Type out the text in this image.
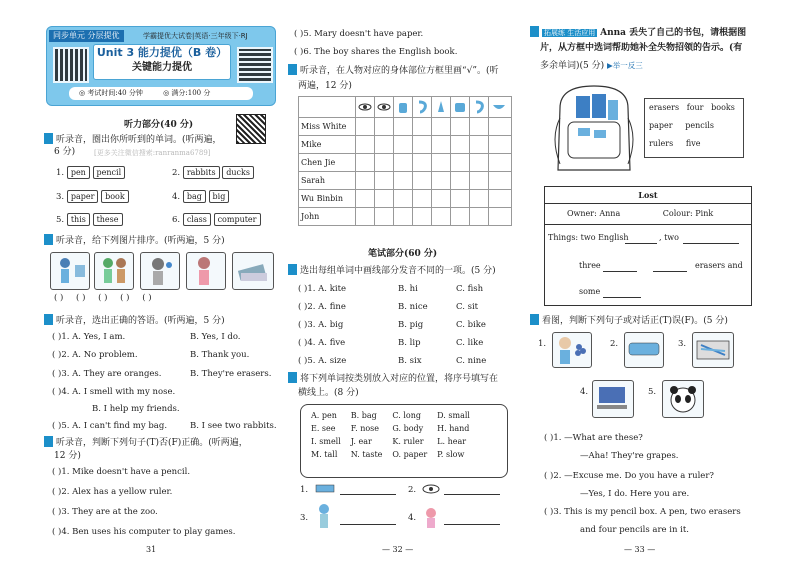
同步单元 分层提优	学霸提优大试卷|英语·三年级下·RJ
Unit 3 能力提优（B 卷）
关键能力提优
◎ 考试时间:40 分钟	◎ 满分:100 分
听力部分(40 分)
听录音，圈出你所听到的单词。(听两遍，
6 分)	[更多关注微信搜索:ranranma6789]
1. pen pencil	2. rabbits ducks
3. paper book	4. bag big
5. this these	6. class computer
听录音，给下列图片排序。(听两遍，5 分)
( ) ( ) ( ) ( ) ( )
听录音，选出正确的答语。(听两遍，5 分)
( )1. A. Yes, I am.	B. Yes, I do.
( )2. A. No problem.	B. Thank you.
( )3. A. They are oranges.	B. They're erasers.
( )4. A. I smell with my nose.
B. I help my friends.
( )5. A. I can't find my bag.	B. I see two rabbits.
听录音，判断下列句子(T)否(F)正确。(听两遍，
12 分)
( )1. Mike doesn't have a pencil.
( )2. Alex has a yellow ruler.
( )3. They are at the zoo.
( )4. Ben uses his computer to play games.
31
( )5. Mary doesn't have paper.
( )6. The boy shares the English book.
听录音，在人物对应的身体部位方框里画“√”。(听
两遍，12 分)

Miss White								
Mike								
Chen Jie								
Sarah								
Wu Binbin								
John								
笔试部分(60 分)
选出每组单词中画线部分发音不同的一项。(5 分)
( )1. A. kite	B. hi	C. fish
( )2. A. fine	B. nice	C. sit
( )3. A. big	B. pig	C. bike
( )4. A. five	B. lip	C. like
( )5. A. size	B. six	C. nine
将下列单词按类别放入对应的位置，将序号填写在
横线上。(8 分)
A. pen	B. bag	C. long	D. small
E. see	F. nose	G. body	H. hand
I. smell	J. ear	K. ruler	L. hear
M. tall	N. taste	O. paper	P. slow
1.	2.
3.	4.
— 32 —
拓展练 生活应用 Anna 丢失了自己的书包，请根据图
片，从方框中选词帮助她补全失物招领的告示。(有
多余单词)(5 分) ▶举一反三
erasers four books
paper pencils
rulers five
Lost
Owner: Anna	Colour: Pink
Things: two English	, two
three	erasers and
some
看图，判断下列句子或对话正(T)误(F)。(5 分)
1.	2.	3.
4.	5.
( )1. —What are these?
—Aha! They're grapes.
( )2. —Excuse me. Do you have a ruler?
—Yes, I do. Here you are.
( )3. This is my pencil box. A pen, two erasers
and four pencils are in it.
— 33 —
